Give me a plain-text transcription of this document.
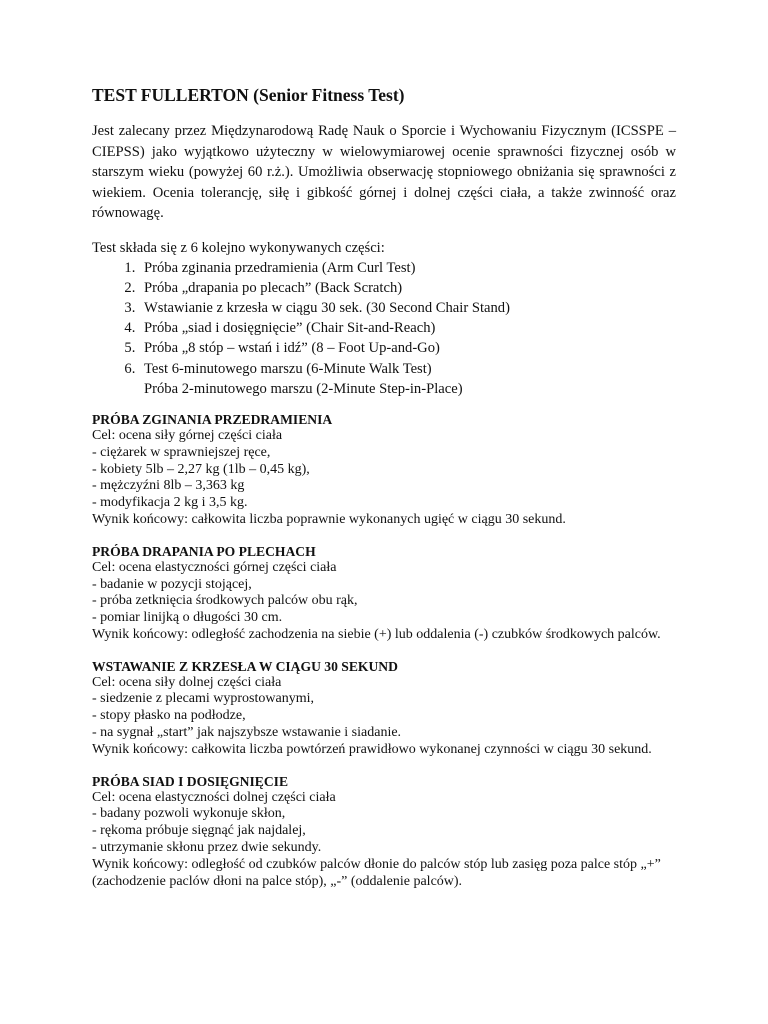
TEST FULLERTON (Senior Fitness Test)

Jest zalecany przez Międzynarodową Radę Nauk o Sporcie i Wychowaniu Fizycznym (ICSSPE – CIEPSS) jako wyjątkowo użyteczny w wielowymiarowej ocenie sprawności fizycznej osób w starszym wieku (powyżej 60 r.ż.). Umożliwia obserwację stopniowego obniżania się sprawności z wiekiem. Ocenia tolerancję, siłę i gibkość górnej i dolnej części ciała, a także zwinność oraz równowagę.

Test składa się z 6 kolejno wykonywanych części:

1. Próba zginania przedramienia (Arm Curl Test)
2. Próba „drapania po plecach” (Back Scratch)
3. Wstawianie z krzesła w ciągu 30 sek. (30 Second Chair Stand)
4. Próba „siad i dosięgnięcie” (Chair Sit-and-Reach)
5. Próba „8 stóp – wstań i idź” (8 – Foot Up-and-Go)
6. Test 6-minutowego marszu (6-Minute Walk Test)

Próba 2-minutowego marszu (2-Minute Step-in-Place)

PRÓBA ZGINANIA PRZEDRAMIENIA

Cel: ocena siły górnej części ciała

- ciężarek w sprawniejszej ręce,

- kobiety 5lb – 2,27 kg (1lb – 0,45 kg),

- mężczyźni 8lb – 3,363 kg

- modyfikacja 2 kg i 3,5 kg.

Wynik końcowy: całkowita liczba poprawnie wykonanych ugięć w ciągu 30 sekund.

PRÓBA DRAPANIA PO PLECHACH

Cel: ocena elastyczności górnej części ciała

- badanie w pozycji stojącej,

- próba zetknięcia środkowych palców obu rąk,

- pomiar linijką o długości 30 cm.

Wynik końcowy: odległość zachodzenia na siebie (+) lub oddalenia (-) czubków środkowych palców.

WSTAWANIE Z KRZESŁA W CIĄGU 30 SEKUND

Cel: ocena siły dolnej części ciała

- siedzenie z plecami wyprostowanymi,

- stopy płasko na podłodze,

- na sygnał „start” jak najszybsze wstawanie i siadanie.

Wynik końcowy: całkowita liczba powtórzeń prawidłowo wykonanej czynności w ciągu 30 sekund.

PRÓBA SIAD I DOSIĘGNIĘCIE

Cel: ocena elastyczności dolnej części ciała

- badany pozwoli wykonuje skłon,

- rękoma próbuje sięgnąć jak najdalej,

- utrzymanie skłonu przez dwie sekundy.

Wynik końcowy: odległość od czubków palców dłonie do palców stóp lub zasięg poza palce stóp „+” (zachodzenie paclów dłoni na palce stóp), „-” (oddalenie palców).
